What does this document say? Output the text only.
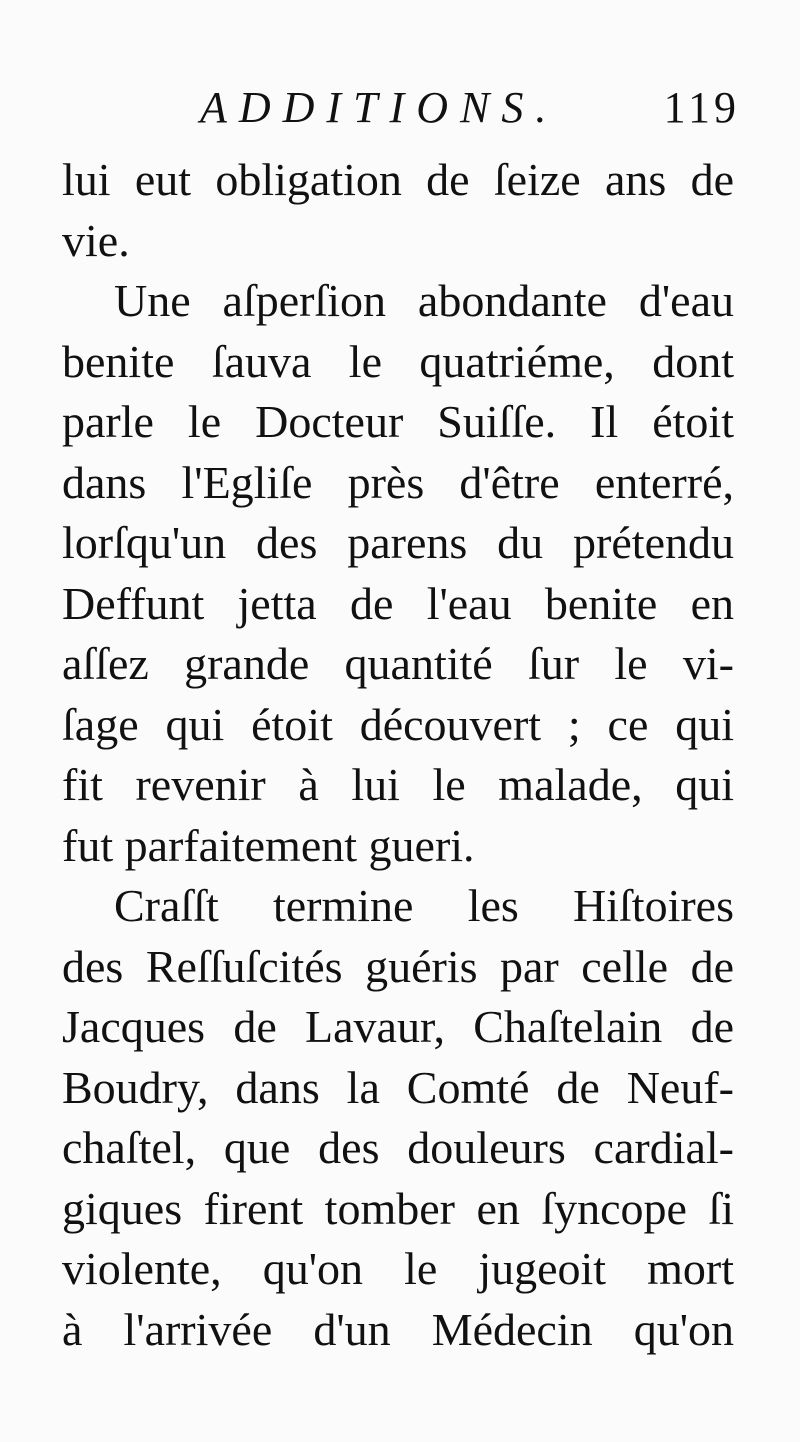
ADDITIONS. 119
lui eut obligation de ſeize ans de
vie.
Une aſperſion abondante d'eau
benite ſauva le quatriéme, dont
parle le Docteur Suiſſe. Il étoit
dans l'Egliſe près d'être enterré,
lorſqu'un des parens du prétendu
Deffunt jetta de l'eau benite en
aſſez grande quantité ſur le vi-
ſage qui étoit découvert ; ce qui
fit revenir à lui le malade, qui
fut parfaitement gueri.
Craſſt termine les Hiſtoires
des Reſſuſcités guéris par celle de
Jacques de Lavaur, Chaſtelain de
Boudry, dans la Comté de Neuf-
chaſtel, que des douleurs cardial-
giques firent tomber en ſyncope ſi
violente, qu'on le jugeoit mort
à l'arrivée d'un Médecin qu'on
